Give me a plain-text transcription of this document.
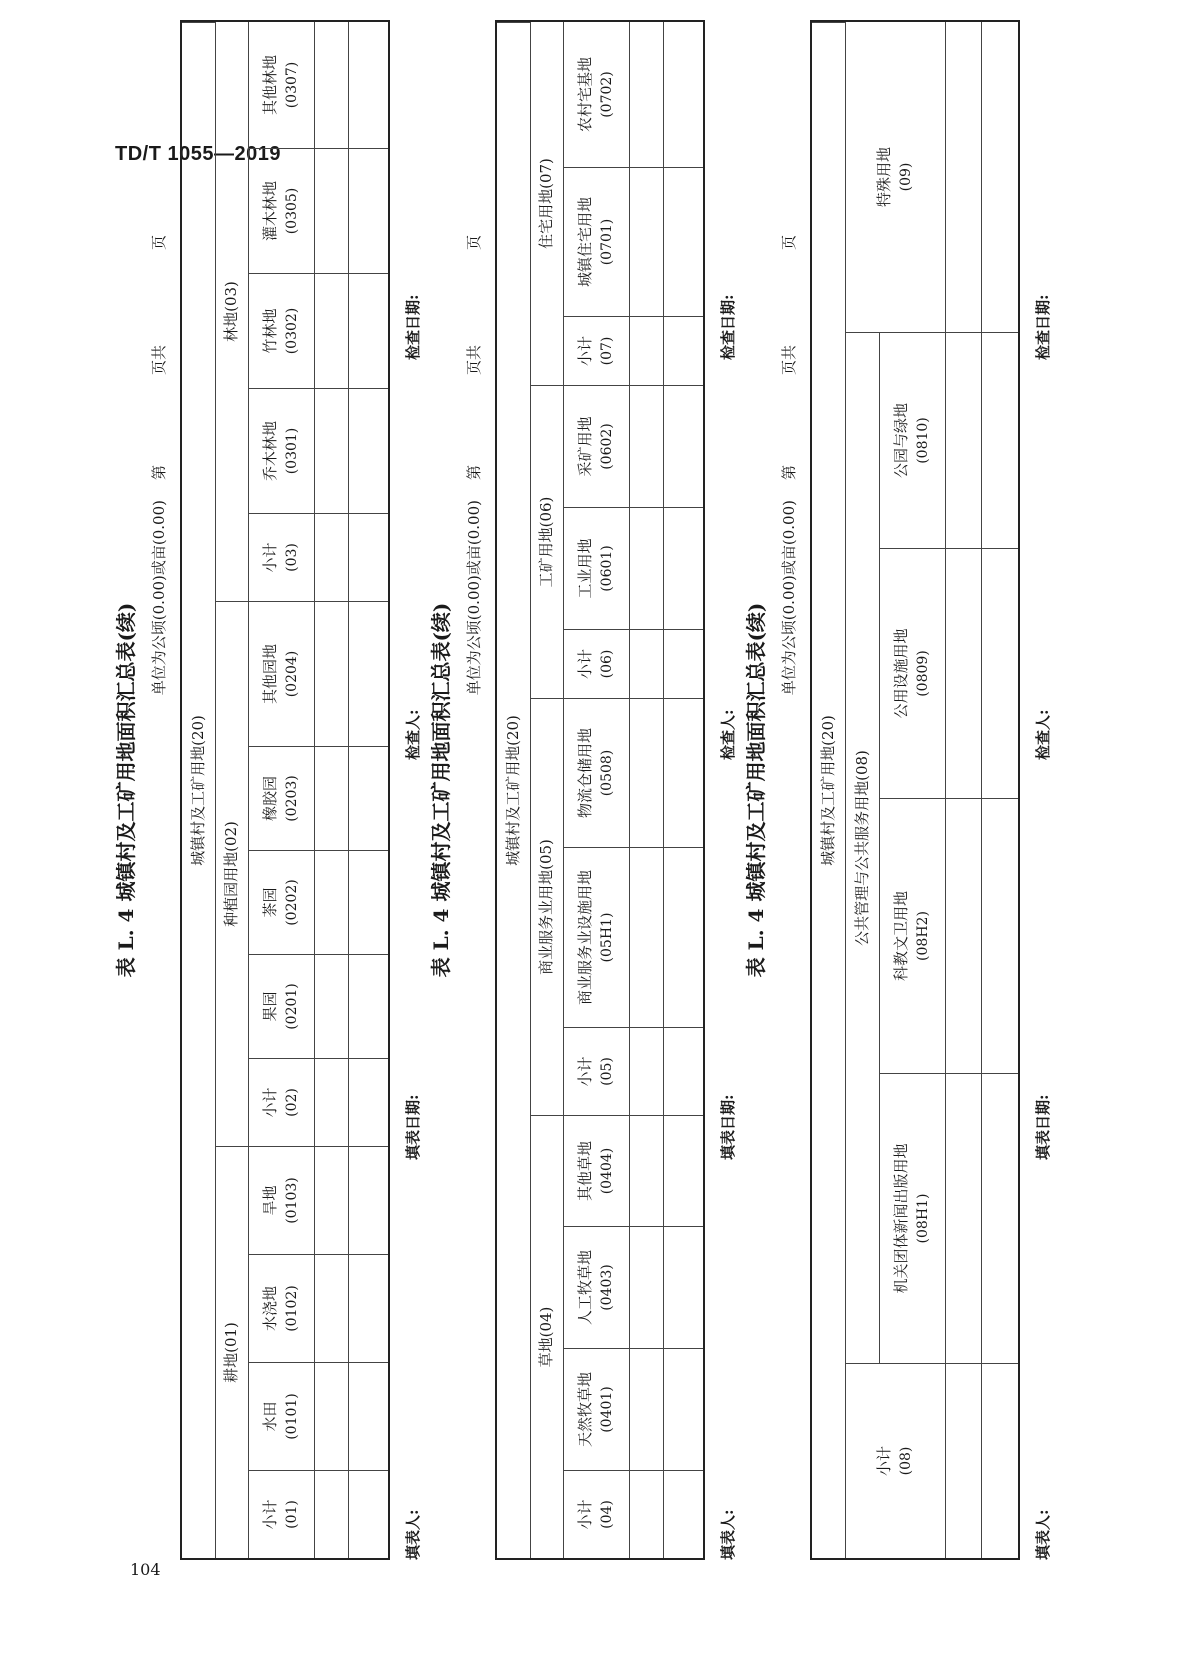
TD/T 1055—2019
表 L. 4 城镇村及工矿用地面积汇总表(续)
单位为公顷(0.00)或亩(0.00)
第
页共
页
城镇村及工矿用地(20)
耕地(01)
种植园用地(02)
林地(03)
小计 (01)
水田 (0101)
水浇地 (0102)
旱地 (0103)
小计 (02)
果园 (0201)
茶园 (0202)
橡胶园 (0203)
其他园地 (0204)
小计 (03)
乔木林地 (0301)
竹林地 (0302)
灌木林地 (0305)
其他林地 (0307)
填表人:
填表日期:
检查人:
检查日期:
表 L. 4 城镇村及工矿用地面积汇总表(续)
单位为公顷(0.00)或亩(0.00)
第
页共
页
城镇村及工矿用地(20)
草地(04)
商业服务业用地(05)
工矿用地(06)
住宅用地(07)
小计 (04)
天然牧草地 (0401)
人工牧草地 (0403)
其他草地 (0404)
小计 (05)
商业服务业设施用地 (05H1)
物流仓储用地 (0508)
小计 (06)
工业用地 (0601)
采矿用地 (0602)
小计 (07)
城镇住宅用地 (0701)
农村宅基地 (0702)
填表人:
填表日期:
检查人:
检查日期:
表 L. 4 城镇村及工矿用地面积汇总表(续)
单位为公顷(0.00)或亩(0.00)
第
页共
页
城镇村及工矿用地(20) 公共管理与公共服务用地(08)
小计 (08)
机关团体新闻出版用地 (08H1)
科教文卫用地 (08H2)
公用设施用地 (0809)
公园与绿地 (0810)
特殊用地 (09)
填表人:
填表日期:
检查人:
检查日期:
104
